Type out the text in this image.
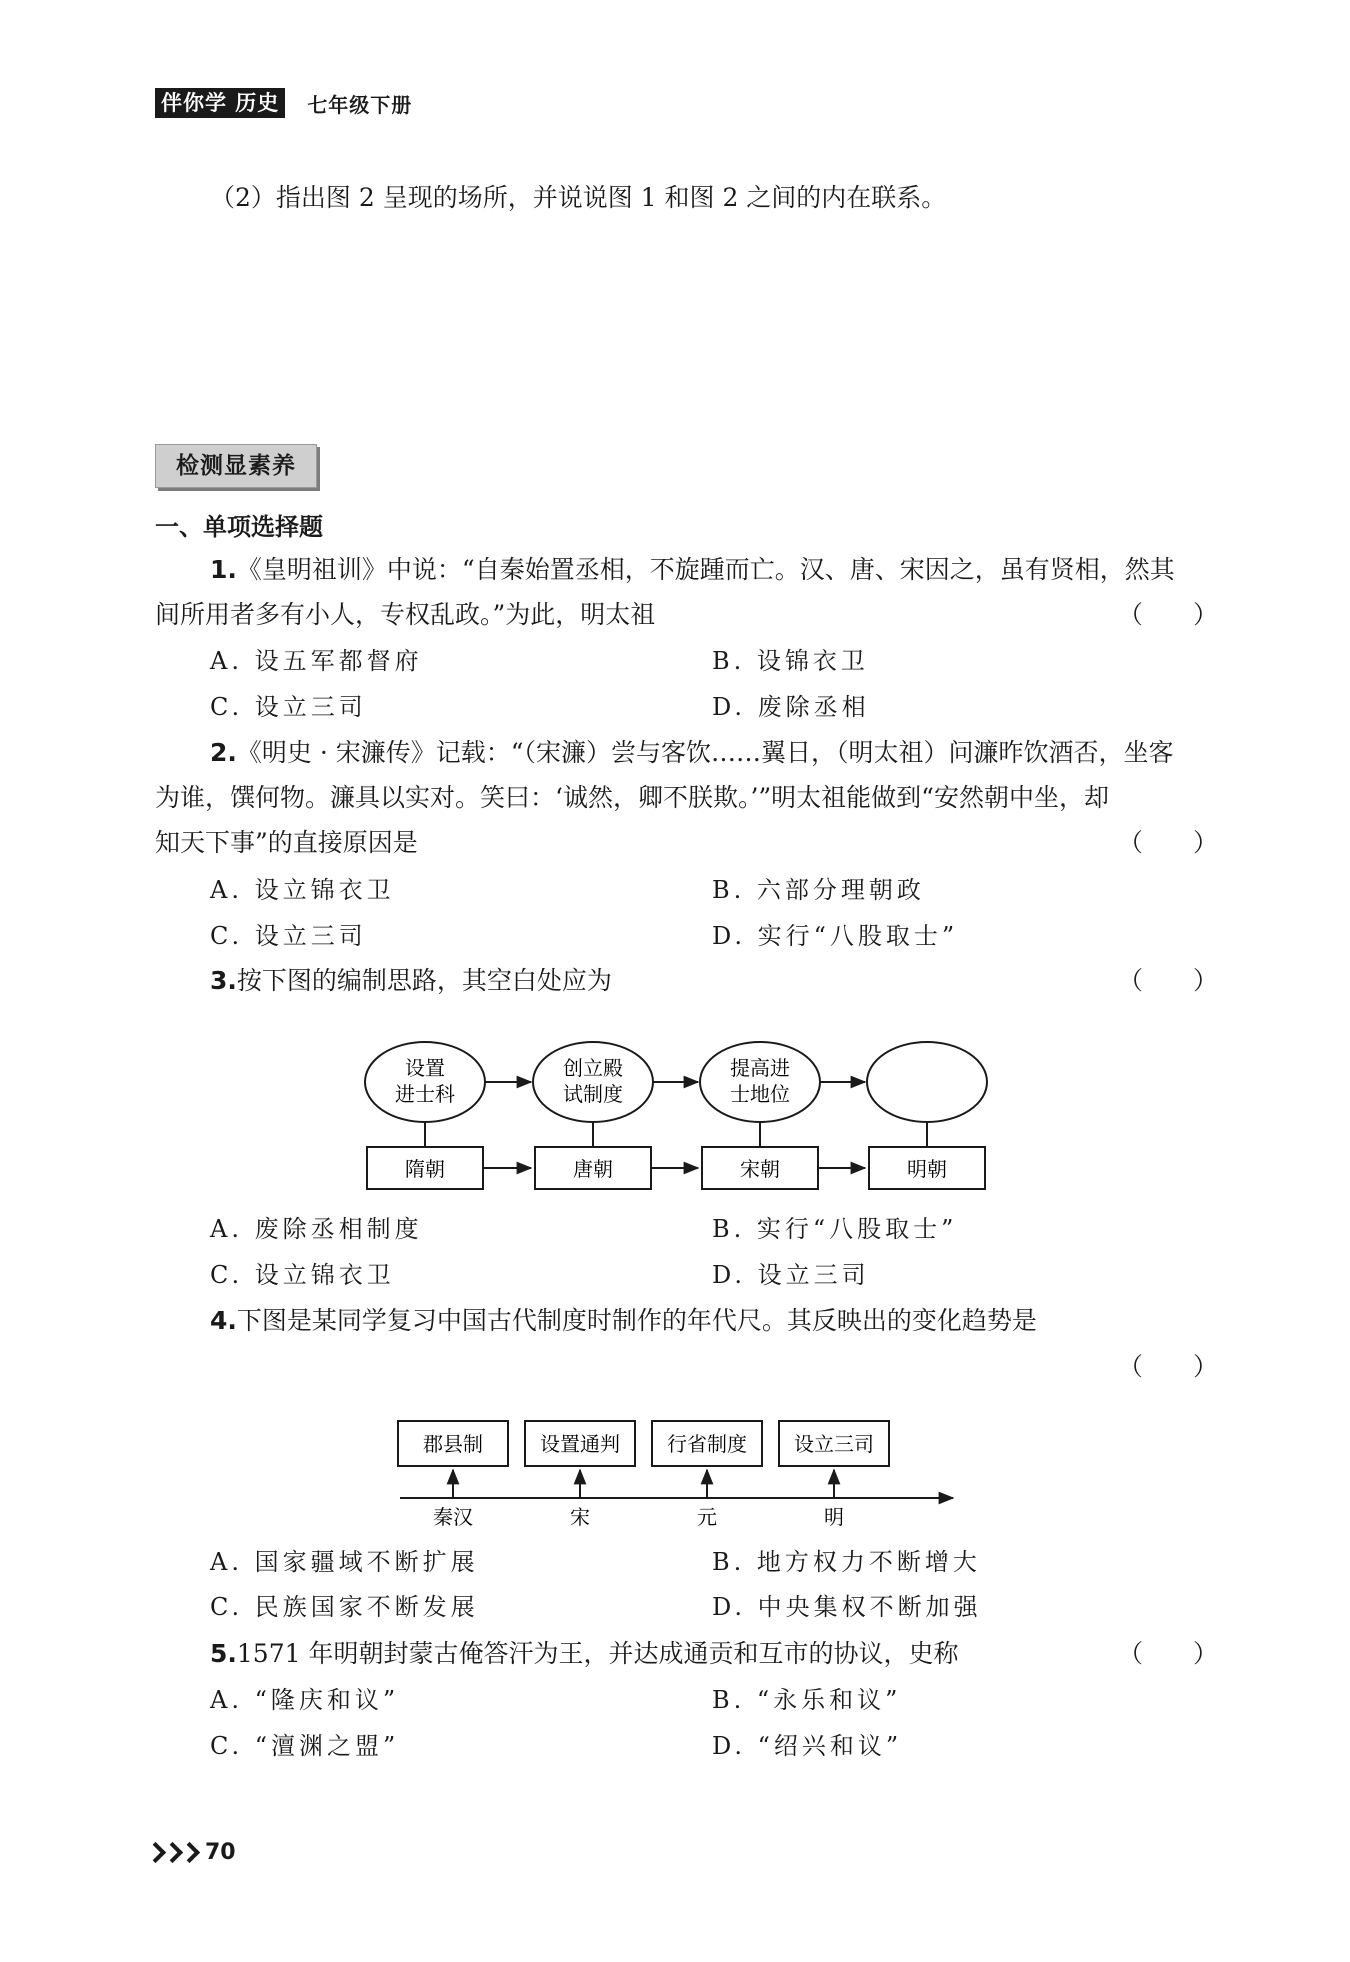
伴你学 历史	七年级下册
（2）指出图 2 呈现的场所，并说说图 1 和图 2 之间的内在联系。
检测显素养
一、单项选择题
1.《皇明祖训》中说：“自秦始置丞相，不旋踵而亡。汉、唐、宋因之，虽有贤相，然其
间所用者多有小人，专权乱政。”为此，明太祖	（　　）
A. 设五军都督府	B. 设锦衣卫
C. 设立三司	D. 废除丞相
2.《明史 · 宋濂传》记载：“（宋濂）尝与客饮……翼日，（明太祖）问濂昨饮酒否，坐客
为谁，馔何物。濂具以实对。笑曰：‘诚然，卿不朕欺。’”明太祖能做到“安然朝中坐，却
知天下事”的直接原因是	（　　）
A. 设立锦衣卫	B. 六部分理朝政
C. 设立三司	D. 实行“八股取士”
3.按下图的编制思路，其空白处应为	（　　）
设置
进士科
创立殿
试制度
提高进
士地位
隋朝	唐朝	宋朝	明朝
A. 废除丞相制度	B. 实行“八股取士”
C. 设立锦衣卫	D. 设立三司
4.下图是某同学复习中国古代制度时制作的年代尺。其反映出的变化趋势是
（　　）
郡县制	设置通判 行省制度 设立三司
秦汉	宋	元	明
A. 国家疆域不断扩展	B. 地方权力不断增大
C. 民族国家不断发展	D. 中央集权不断加强
5.1571 年明朝封蒙古俺答汗为王，并达成通贡和互市的协议，史称	（　　）
A. “隆庆和议”	B. “永乐和议”
C. “澶渊之盟”	D. “绍兴和议”
70
